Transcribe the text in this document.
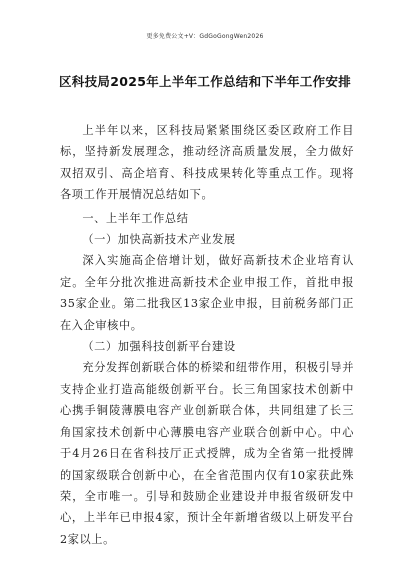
更多免费公文+V：GdGoGongWen2026
区科技局2025年上半年工作总结和下半年工作安排

上半年以来，区科技局紧紧围绕区委区政府工作目标，坚持新发展理念，推动经济高质量发展，全力做好双招双引、高企培育、科技成果转化等重点工作。现将各项工作开展情况总结如下。

一、上半年工作总结

（一）加快高新技术产业发展

深入实施高企倍增计划，做好高新技术企业培育认定。全年分批次推进高新技术企业申报工作，首批申报35家企业。第二批我区13家企业申报，目前税务部门正在入企审核中。

（二）加强科技创新平台建设

充分发挥创新联合体的桥梁和纽带作用，积极引导并支持企业打造高能级创新平台。长三角国家技术创新中心携手铜陵薄膜电容产业创新联合体，共同组建了长三角国家技术创新中心薄膜电容产业联合创新中心。中心于4月26日在省科技厅正式授牌，成为全省第一批授牌的国家级联合创新中心，在全省范围内仅有10家获此殊荣，全市唯一。引导和鼓励企业建设并申报省级研发中心，上半年已申报4家，预计全年新增省级以上研发平台2家以上。
